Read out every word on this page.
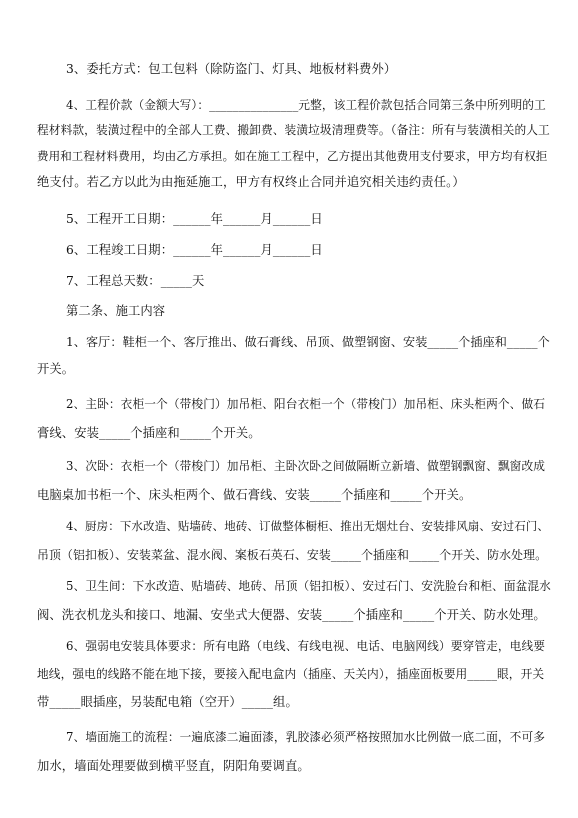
3、委托方式：包工包料（除防盗门、灯具、地板材料费外）
4、工程价款（金额大写）：_______________元整，该工程价款包括合同第三条中所列明的工
程材料款，装潢过程中的全部人工费、搬卸费、装潢垃圾清理费等。（备注：所有与装潢相关的人工
费用和工程材料费用，均由乙方承担。如在施工工程中，乙方提出其他费用支付要求，甲方均有权拒
绝支付。若乙方以此为由拖延施工，甲方有权终止合同并追究相关违约责任。）
5、工程开工日期：______年______月______日
6、工程竣工日期：______年______月______日
7、工程总天数：_____天
第二条、施工内容
1、客厅：鞋柜一个、客厅推出、做石膏线、吊顶、做塑钢窗、安装_____个插座和_____个
开关。
2、主卧：衣柜一个（带梭门）加吊柜、阳台衣柜一个（带梭门）加吊柜、床头柜两个、做石
膏线、安装_____个插座和_____个开关。
3、次卧：衣柜一个（带梭门）加吊柜、主卧次卧之间做隔断立新墙、做塑钢飘窗、飘窗改成
电脑桌加书柜一个、床头柜两个、做石膏线、安装_____个插座和_____个开关。
4、厨房：下水改造、贴墙砖、地砖、订做整体橱柜、推出无烟灶台、安装排风扇、安过石门、
吊顶（铝扣板）、安装菜盆、混水阀、案板石英石、安装_____个插座和_____个开关、防水处理。
5、卫生间：下水改造、贴墙砖、地砖、吊顶（铝扣板）、安过石门、安洗脸台和柜、面盆混水
阀、洗衣机龙头和接口、地漏、安坐式大便器、安装_____个插座和_____个开关、防水处理。
6、强弱电安装具体要求：所有电路（电线、有线电视、电话、电脑网线）要穿管走，电线要
地线，强电的线路不能在地下接，要接入配电盒内（插座、天关内），插座面板要用_____眼，开关
带_____眼插座，另装配电箱（空开）_____组。
7、墙面施工的流程：一遍底漆二遍面漆，乳胶漆必须严格按照加水比例做一底二面，不可多
加水，墙面处理要做到横平竖直，阴阳角要调直。
